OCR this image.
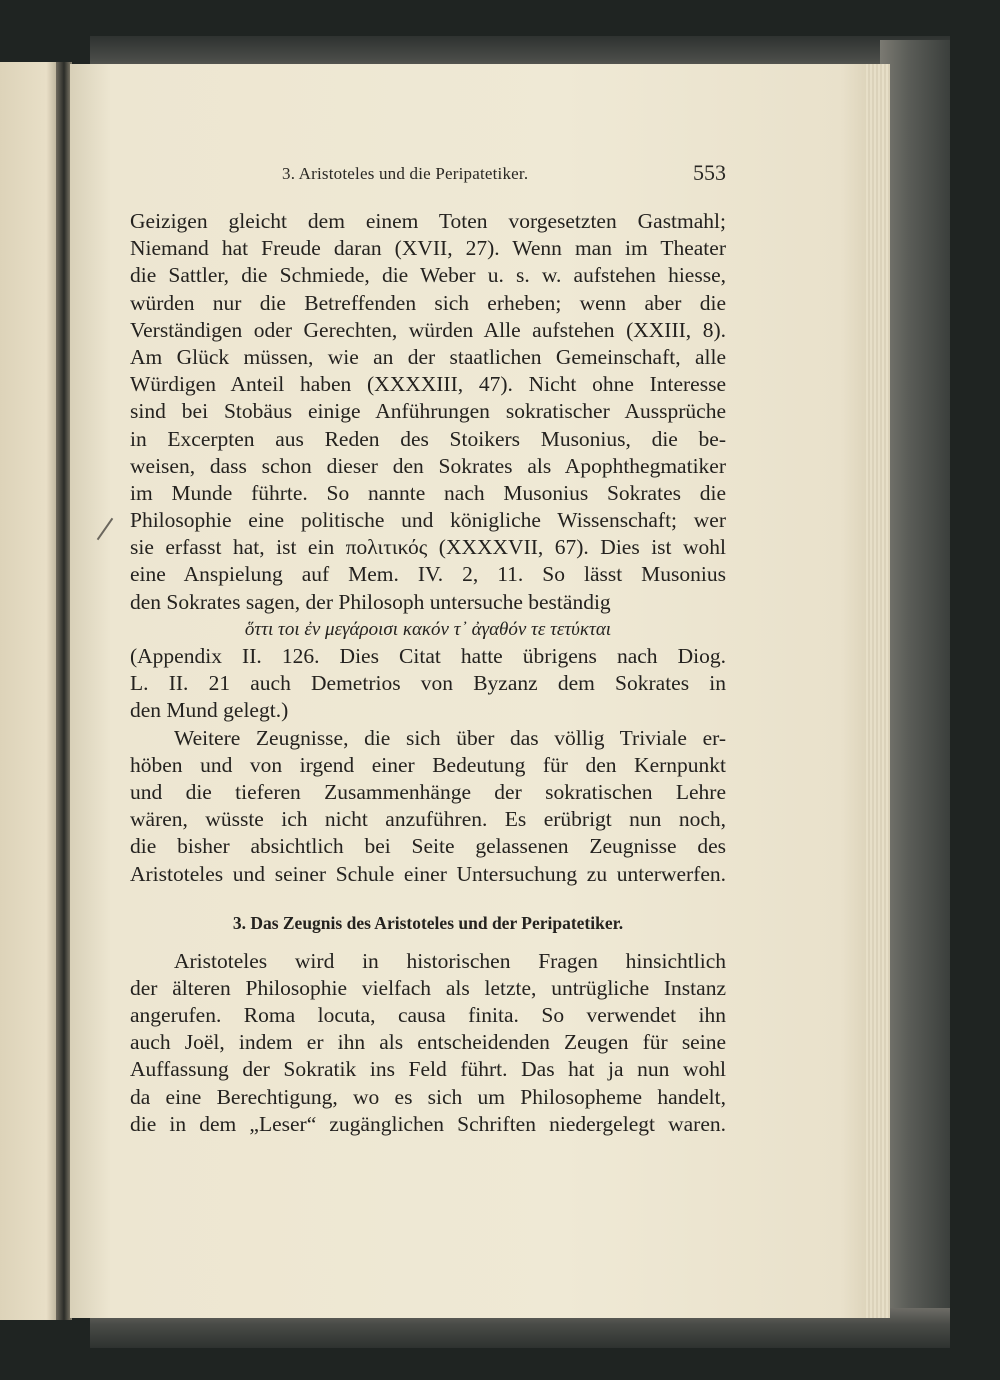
3. Aristoteles und die Peripatetiker.	553
Geizigen gleicht dem einem Toten vorgesetzten Gastmahl;
Niemand hat Freude daran (XVII, 27). Wenn man im Theater
die Sattler, die Schmiede, die Weber u. s. w. aufstehen hiesse,
würden nur die Betreffenden sich erheben; wenn aber die
Verständigen oder Gerechten, würden Alle aufstehen (XXIII, 8).
Am Glück müssen, wie an der staatlichen Gemeinschaft, alle
Würdigen Anteil haben (XXXXIII, 47). Nicht ohne Interesse
sind bei Stobäus einige Anführungen sokratischer Aussprüche
in Excerpten aus Reden des Stoikers Musonius, die be-
weisen, dass schon dieser den Sokrates als Apophthegmatiker
im Munde führte. So nannte nach Musonius Sokrates die
Philosophie eine politische und königliche Wissenschaft; wer
sie erfasst hat, ist ein πολιτικός (XXXXVII, 67). Dies ist wohl
eine Anspielung auf Mem. IV. 2, 11. So lässt Musonius
den Sokrates sagen, der Philosoph untersuche beständig
ὅττι τοι ἐν μεγάροισι κακόν τ᾽ ἀγαθόν τε τετύκται
(Appendix II. 126. Dies Citat hatte übrigens nach Diog.
L. II. 21 auch Demetrios von Byzanz dem Sokrates in
den Mund gelegt.)
Weitere Zeugnisse, die sich über das völlig Triviale er-
höben und von irgend einer Bedeutung für den Kernpunkt
und die tieferen Zusammenhänge der sokratischen Lehre
wären, wüsste ich nicht anzuführen. Es erübrigt nun noch,
die bisher absichtlich bei Seite gelassenen Zeugnisse des
Aristoteles und seiner Schule einer Untersuchung zu unterwerfen.
3. Das Zeugnis des Aristoteles und der Peripatetiker.
Aristoteles wird in historischen Fragen hinsichtlich
der älteren Philosophie vielfach als letzte, untrügliche Instanz
angerufen. Roma locuta, causa finita. So verwendet ihn
auch Joël, indem er ihn als entscheidenden Zeugen für seine
Auffassung der Sokratik ins Feld führt. Das hat ja nun wohl
da eine Berechtigung, wo es sich um Philosopheme handelt,
die in dem „Leser“ zugänglichen Schriften niedergelegt waren.
